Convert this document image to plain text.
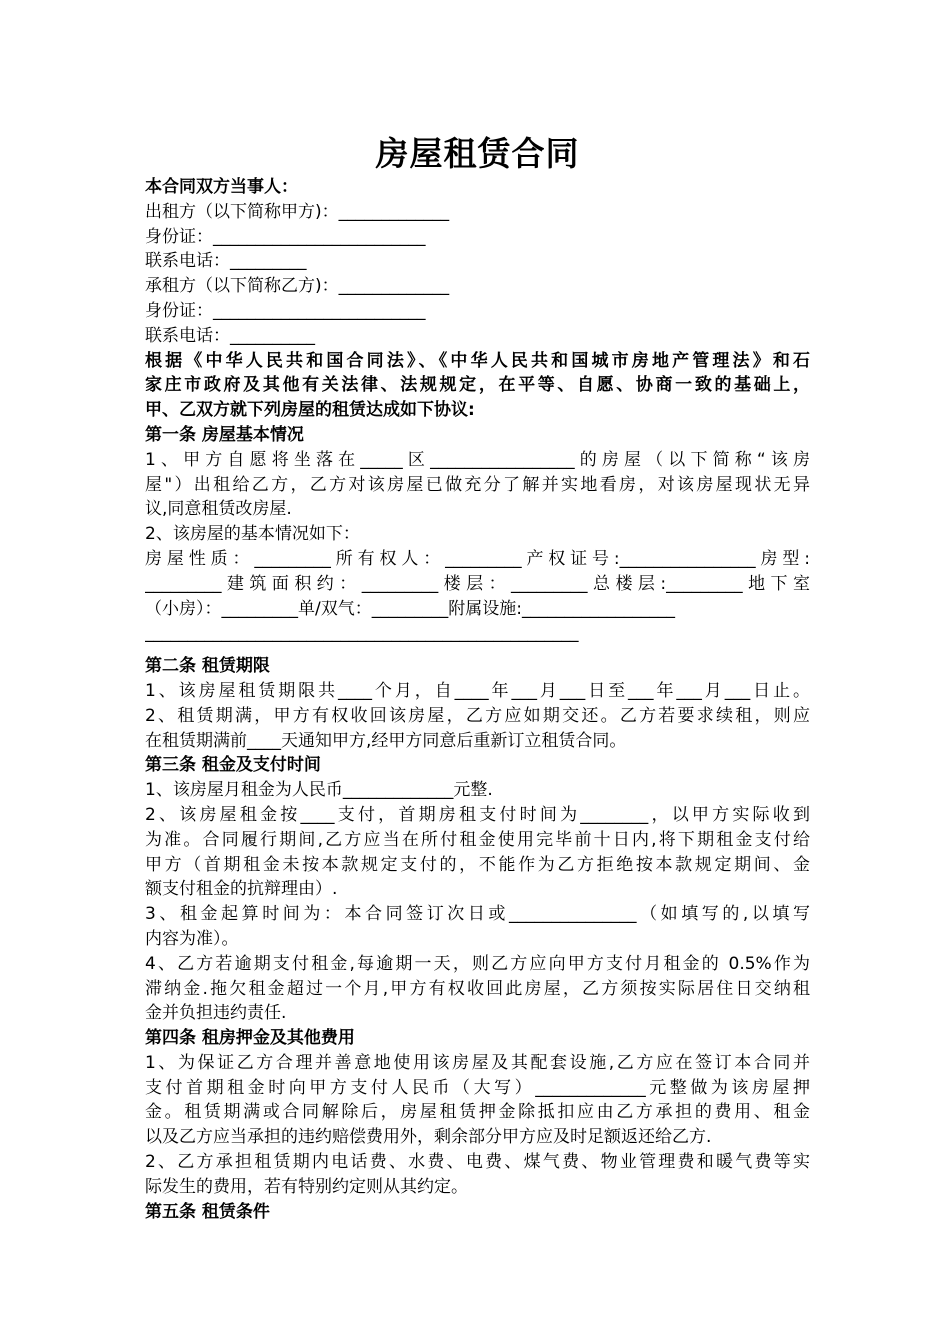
房屋租赁合同
本合同双方当事人：
出租方（以下简称甲方)：_____________
身份证：_________________________
联系电话：_________
承租方（以下简称乙方)：_____________
身份证：_________________________
联系电话：__________
根据《中华人民共和国合同法》、《中华人民共和国城市房地产管理法》和石
家庄市政府及其他有关法律、法规规定，在平等、自愿、协商一致的基础上，
甲、乙双方就下列房屋的租赁达成如下协议:
第一条 房屋基本情况
1、甲方自愿将坐落在_____区_________________的房屋（以下简称“该房
屋"）出租给乙方，乙方对该房屋已做充分了解并实地看房，对该房屋现状无异
议,同意租赁改房屋.
2、该房屋的基本情况如下：
房屋性质：_________所有权人：_________产权证号:________________房型:
_________建筑面积约：_________楼层：_________总楼层:_________地下室
（小房）：_________单/双气：_________附属设施:__________________
___________________________________________________
第二条 租赁期限
1、该房屋租赁期限共____个月，自____年___月___日至___年___月___日止。
2、租赁期满，甲方有权收回该房屋，乙方应如期交还。乙方若要求续租，则应
在租赁期满前____天通知甲方,经甲方同意后重新订立租赁合同。
第三条 租金及支付时间
1、该房屋月租金为人民币_____________元整.
2、该房屋租金按____支付，首期房租支付时间为________，以甲方实际收到
为准。合同履行期间,乙方应当在所付租金使用完毕前十日内,将下期租金支付给
甲方（首期租金未按本款规定支付的，不能作为乙方拒绝按本款规定期间、金
额支付租金的抗辩理由）.
3、租金起算时间为：本合同签订次日或_______________（如填写的,以填写
内容为准）。
4、乙方若逾期支付租金,每逾期一天，则乙方应向甲方支付月租金的 0.5%作为
滞纳金.拖欠租金超过一个月,甲方有权收回此房屋，乙方须按实际居住日交纳租
金并负担违约责任.
第四条 租房押金及其他费用
1、为保证乙方合理并善意地使用该房屋及其配套设施,乙方应在签订本合同并
支付首期租金时向甲方支付人民币（大写）_____________元整做为该房屋押
金。租赁期满或合同解除后，房屋租赁押金除抵扣应由乙方承担的费用、租金
以及乙方应当承担的违约赔偿费用外，剩余部分甲方应及时足额返还给乙方.
2、乙方承担租赁期内电话费、水费、电费、煤气费、物业管理费和暖气费等实
际发生的费用，若有特别约定则从其约定。
第五条 租赁条件
